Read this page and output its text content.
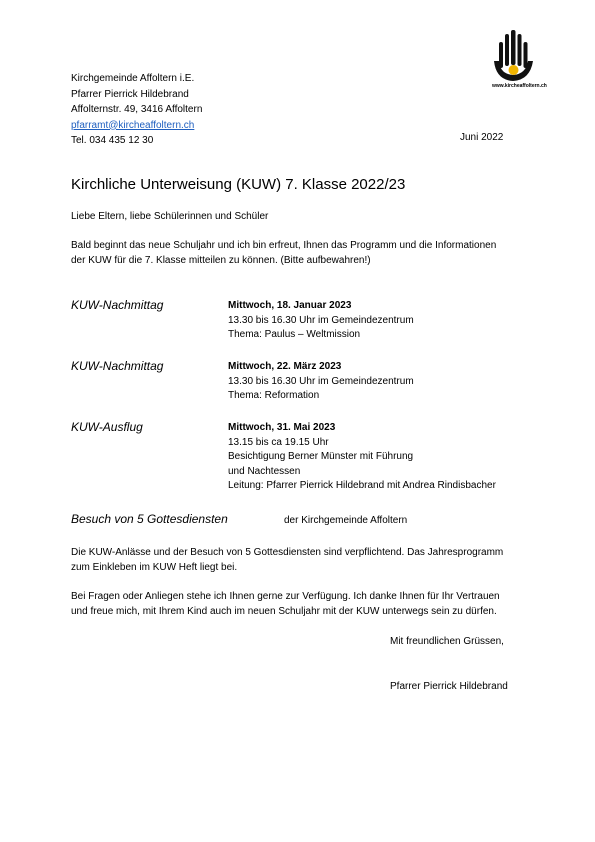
www.kircheaffoltern.ch
Kirchgemeinde Affoltern i.E.
Pfarrer Pierrick Hildebrand
Affolternstr. 49, 3416 Affoltern
pfarramt@kircheaffoltern.ch
Tel. 034 435 12 30	Juni 2022
Kirchliche Unterweisung (KUW) 7. Klasse 2022/23
Liebe Eltern, liebe Schülerinnen und Schüler
Bald beginnt das neue Schuljahr und ich bin erfreut, Ihnen das Programm und die Informationen
der KUW für die 7. Klasse mitteilen zu können. (Bitte aufbewahren!)
KUW-Nachmittag	Mittwoch, 18. Januar 2023
13.30 bis 16.30 Uhr im Gemeindezentrum
Thema: Paulus – Weltmission
KUW-Nachmittag	Mittwoch, 22. März 2023
13.30 bis 16.30 Uhr im Gemeindezentrum
Thema: Reformation
KUW-Ausflug	Mittwoch, 31. Mai 2023
13.15 bis ca 19.15 Uhr
Besichtigung Berner Münster mit Führung
und Nachtessen
Leitung: Pfarrer Pierrick Hildebrand mit Andrea Rindisbacher
Besuch von 5 Gottesdiensten	der Kirchgemeinde Affoltern
Die KUW-Anlässe und der Besuch von 5 Gottesdiensten sind verpflichtend. Das Jahresprogramm
zum Einkleben im KUW Heft liegt bei.
Bei Fragen oder Anliegen stehe ich Ihnen gerne zur Verfügung. Ich danke Ihnen für Ihr Vertrauen
und freue mich, mit Ihrem Kind auch im neuen Schuljahr mit der KUW unterwegs sein zu dürfen.
Mit freundlichen Grüssen,
Pfarrer Pierrick Hildebrand
